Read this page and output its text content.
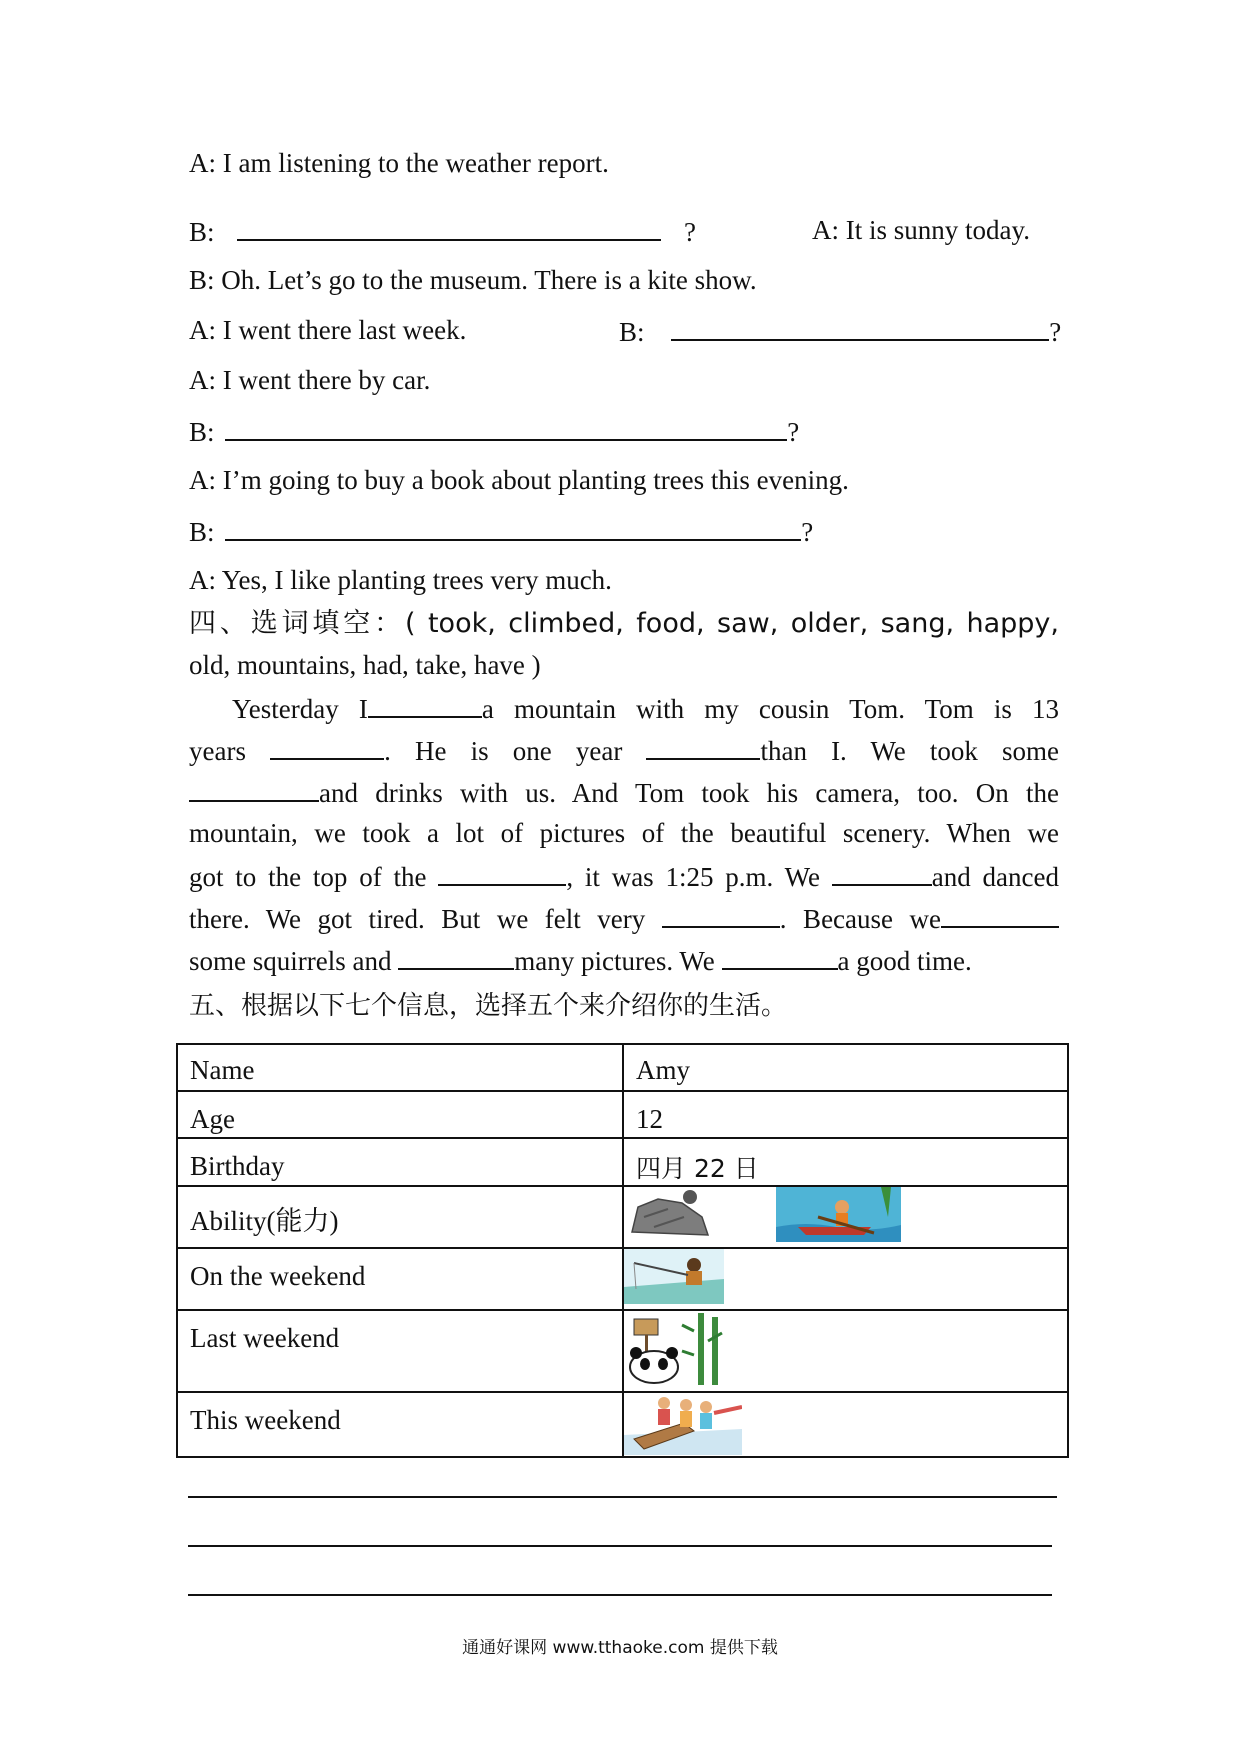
A: I am listening to the weather report.
B:	?	A: It is sunny today.
B: Oh. Let’s go to the museum. There is a kite show.
A: I went there last week.	B:	?
A: I went there by car.
B:	?
A: I’m going to buy a book about planting trees this evening.
B:	?
A: Yes, I like planting trees very much.
四、选词填空：( took, climbed, food, saw, older, sang, happy,
old, mountains, had, take, have )
Yesterday I	a mountain with my cousin Tom. Tom is 13
years	. He is one year	than I. We took some
and drinks with us. And Tom took his camera, too. On the
mountain, we took a lot of pictures of the beautiful scenery. When we
got to the top of the	, it was 1:25 p.m. We	and danced
there. We got tired. But we felt very	. Because we
some squirrels and	many pictures. We	a good time.
五、根据以下七个信息，选择五个来介绍你的生活。
Name	Amy
Age	12
Birthday	四月 22 日
Ability(能力)	
On the weekend	
Last weekend	
This weekend	
通通好课网 www.tthaoke.com 提供下载
